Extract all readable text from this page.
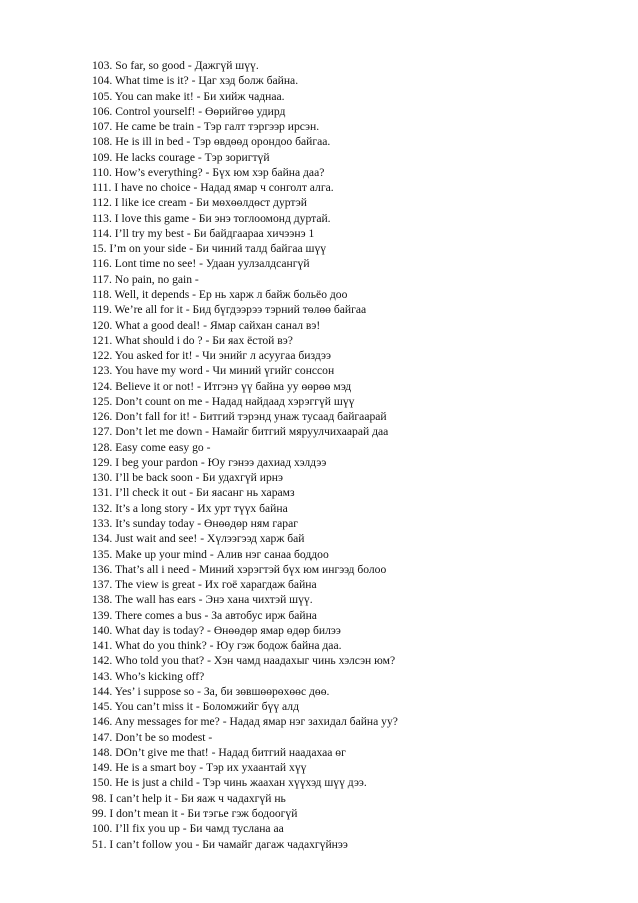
103. So far, so good - Дажгүй шүү.
104. What time is it? - Цаг хэд болж байна.
105. You can make it! - Би хийж чаднаа.
106. Control yourself! - Өөрийгөө удирд
107. He came be train - Тэр галт тэргээр ирсэн.
108. He is ill in bed - Тэр өвдөөд орондоо байгаа.
109. He lacks courage - Тэр зоригтүй
110. How’s everything? - Бүх юм хэр байна даа?
111. I have no choice - Надад ямар ч сонголт алга.
112. I like ice cream - Би мөхөөлдөст дуртэй
113. I love this game - Би энэ тоглоомонд дуртай.
114. I’ll try my best - Би байдгаараа хичээнэ 1
15. I’m on your side - Би чиний талд байгаа шүү
116. Lont time no see! - Удаан уулзалдсангүй
117. No pain, no gain -
118. Well, it depends - Ер нь харж л байж больёо доо
119. We’re all for it - Бид бүгдээрээ тэрний төлөө байгаа
120. What a good deal! - Ямар сайхан санал вэ!
121. What should i do ? - Би яах ёстой вэ?
122. You asked for it! - Чи энийг л асуугаа биздээ
123. You have my word - Чи миний үгийг сонссон
124. Believe it or not! - Итгэнэ үү байна уу өөрөө мэд
125. Don’t count on me - Надад найдаад хэрэггүй шүү
126. Don’t fall for it! - Битгий тэрэнд унаж тусаад байгаарай
127. Don’t let me down - Намайг битгий мяруулчихаарай даа
128. Easy come easy go -
129. I beg your pardon - Юу гэнээ дахиад хэлдээ
130. I’ll be back soon - Би удахгүй ирнэ
131. I’ll check it out - Би яасанг нь харамз
132. It’s a long story - Их урт түүх байна
133. It’s sunday today - Өнөөдөр ням гараг
134. Just wait and see! - Хүлээгээд харж бай
135. Make up your mind - Алив нэг санаа боддоо
136. That’s all i need - Миний хэрэгтэй бүх юм ингээд болоо
137. The view is great - Их гоё харагдаж байна
138. The wall has ears - Энэ хана чихтэй шүү.
139. There comes a bus - За автобус ирж байна
140. What day is today? - Өнөөдөр ямар өдөр билээ
141. What do you think? - Юу гэж бодож байна даа.
142. Who told you that? - Хэн чамд наадахыг чинь хэлсэн юм?
143. Who’s kicking off?
144. Yes’ i suppose so - За, би зөвшөөрөхөөс дөө.
145. You can’t miss it - Боломжийг бүү алд
146. Any messages for me? - Надад ямар нэг захидал байна уу?
147. Don’t be so modest -
148. DOn’t give me that! - Надад битгий наадахаа өг
149. He is a smart boy - Тэр их ухаантай хүү
150. He is just a child - Тэр чинь жаахан хүүхэд шүү дээ.
98. I can’t help it - Би яаж ч чадахгүй нь
99. I don’t mean it - Би тэгье гэж бодоогүй
100. I’ll fix you up - Би чамд туслана аа
51. I can’t follow you - Би чамайг дагаж чадахгүйнээ
